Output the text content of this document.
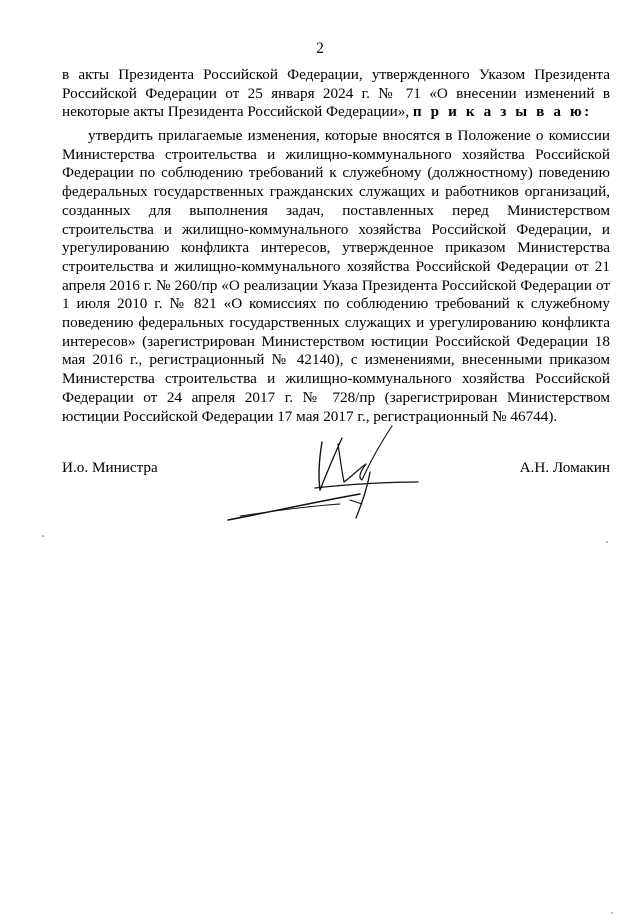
2
в акты Президента Российской Федерации, утвержденного Указом Президента Российской Федерации от 25 января 2024 г. № 71 «О внесении изменений в некоторые акты Президента Российской Федерации», п р и к а з ы в а ю:
утвердить прилагаемые изменения, которые вносятся в Положение о комиссии Министерства строительства и жилищно-коммунального хозяйства Российской Федерации по соблюдению требований к служебному (должностному) поведению федеральных государственных гражданских служащих и работников организаций, созданных для выполнения задач, поставленных перед Министерством строительства и жилищно-коммунального хозяйства Российской Федерации, и урегулированию конфликта интересов, утвержденное приказом Министерства строительства и жилищно-коммунального хозяйства Российской Федерации от 21 апреля 2016 г. № 260/пр «О реализации Указа Президента Российской Федерации от 1 июля 2010 г. № 821 «О комиссиях по соблюдению требований к служебному поведению федеральных государственных служащих и урегулированию конфликта интересов» (зарегистрирован Министерством юстиции Российской Федерации 18 мая 2016 г., регистрационный № 42140), с изменениями, внесенными приказом Министерства строительства и жилищно-коммунального хозяйства Российской Федерации от 24 апреля 2017 г. № 728/пр (зарегистрирован Министерством юстиции Российской Федерации 17 мая 2017 г., регистрационный № 46744).
И.о. Министра	А.Н. Ломакин
